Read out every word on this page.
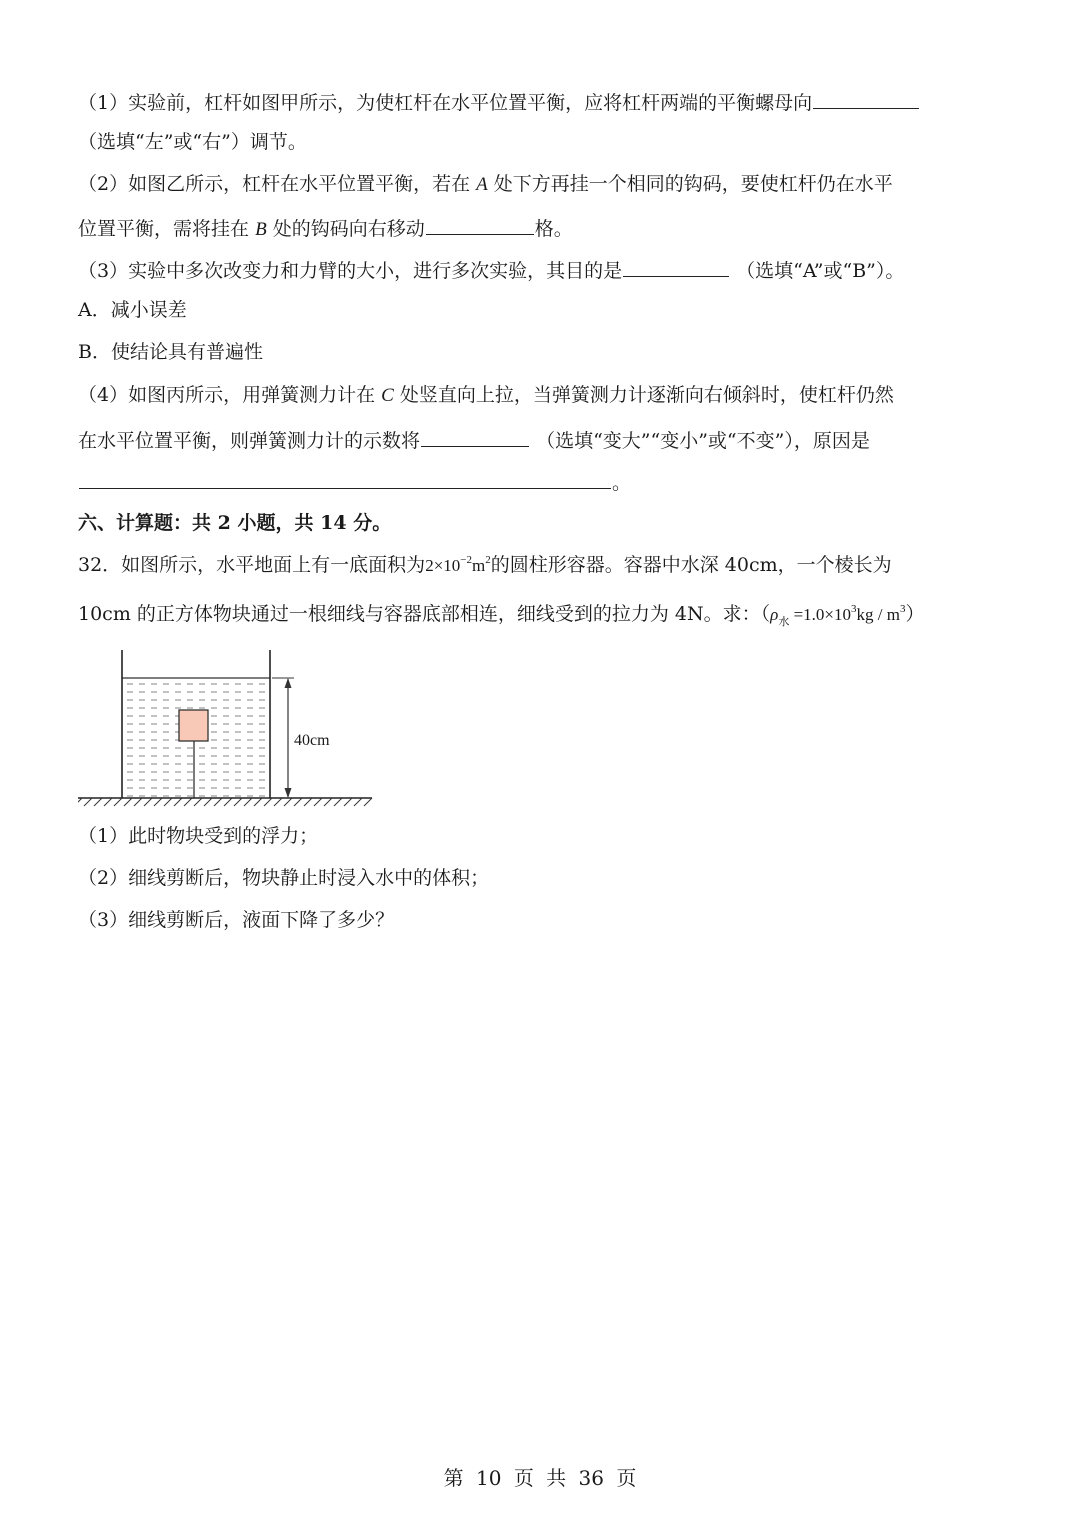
（1）实验前，杠杆如图甲所示，为使杠杆在水平位置平衡，应将杠杆两端的平衡螺母向
（选填“左”或“右”）调节。
（2）如图乙所示，杠杆在水平位置平衡，若在 A 处下方再挂一个相同的钩码，要使杠杆仍在水平
位置平衡，需将挂在 B 处的钩码向右移动	格。
（3）实验中多次改变力和力臂的大小，进行多次实验，其目的是	（选填“A”或“B”）。
A．减小误差
B．使结论具有普遍性
（4）如图丙所示，用弹簧测力计在 C 处竖直向上拉，当弹簧测力计逐渐向右倾斜时，使杠杆仍然
在水平位置平衡，则弹簧测力计的示数将	（选填“变大”“变小”或“不变”），原因是
。
六、计算题：共 2 小题，共 14 分。
32．如图所示，水平地面上有一底面积为$2\times 10^{-2}m^2$的圆柱形容器。容器中水深 40cm，一个棱长为
10cm 的正方体物块通过一根细线与容器底部相连，细线受到的拉力为 4N。求：$(\rho_水 =1.0\times 10^3kg / m^3)$
40cm
（1）此时物块受到的浮力；
（2）细线剪断后，物块静止时浸入水中的体积；
（3）细线剪断后，液面下降了多少？
第 10 页 共 36 页
